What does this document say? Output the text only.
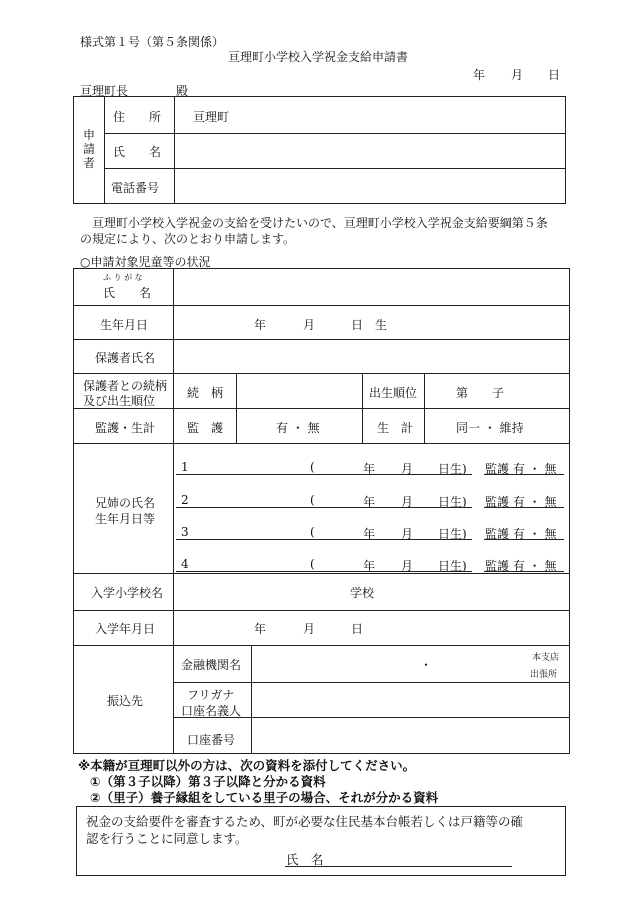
様式第１号（第５条関係）
亘理町小学校入学祝金支給申請書
年 月 日
亘理町長	殿
申
請
者
住　　所	亘理町
氏　　名
電話番号
亘理町小学校入学祝金の支給を受けたいので、亘理町小学校入学祝金支給要綱第５条
の規定により、次のとおり申請します。
○申請対象児童等の状況
ふ り が な
氏　　名
生年月日	年	月	日　生
保護者氏名
保護者との続柄
及び出生順位
続　柄	出生順位	第　　子
監護・生計	監　護	有 ・ 無	生　計	同一 ・ 維持
兄姉の氏名
生年月日等
1	(	年 月 日生) 監護 有 ・ 無
2	(	年 月 日生) 監護 有 ・ 無
3	(	年 月 日生) 監護 有 ・ 無
4	(	年 月 日生) 監護 有 ・ 無
入学小学校名	学校
入学年月日	年	月	日
振込先
金融機関名	・	本支店
出張所
フリガナ
口座名義人
口座番号
※本籍が亘理町以外の方は、次の資料を添付してください。
①（第３子以降）第３子以降と分かる資料
②（里子）養子縁組をしている里子の場合、それが分かる資料
祝金の支給要件を審査するため、町が必要な住民基本台帳若しくは戸籍等の確
認を行うことに同意します。
氏　名
